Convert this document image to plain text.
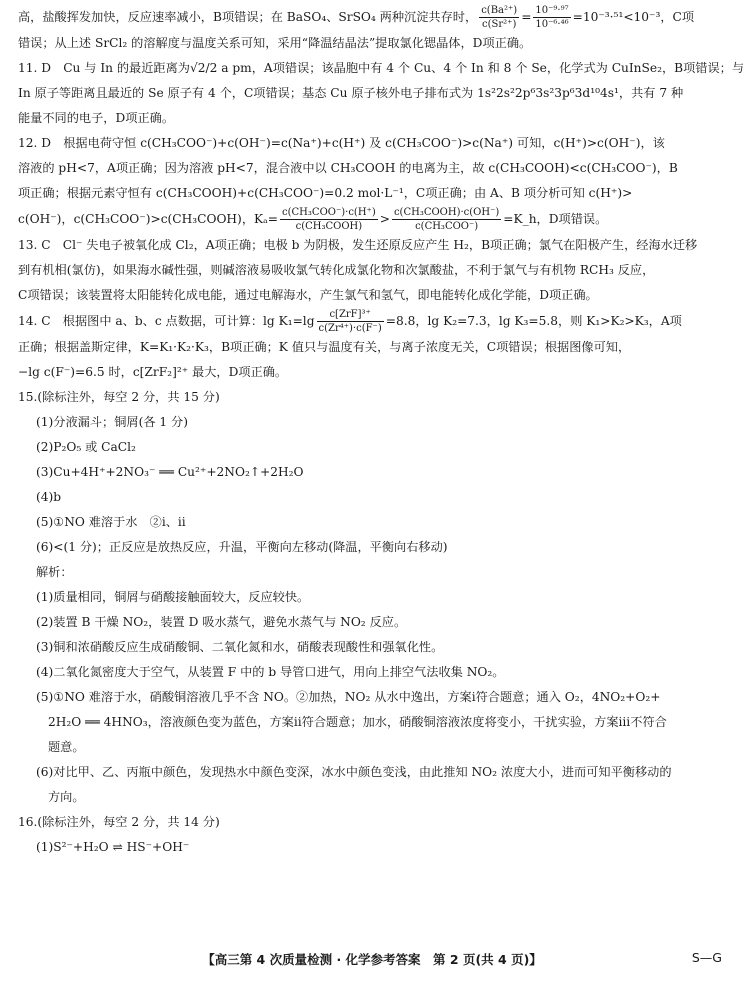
高，盐酸挥发加快，反应速率减小，B项错误；在 BaSO₄、SrSO₄ 两种沉淀共存时， $\frac{\text{c(Ba²⁺)}}{\text{c(Sr²⁺)}} = \frac{\text{10⁻⁹·⁹⁷}}{\text{10⁻⁶·⁴⁶}} =10^{-3}\cdot^{51}<10^{-3}$，C项
错误；从上述 SrCl₂ 的溶解度与温度关系可知，采用“降温结晶法”提取氯化锶晶体，D项正确。
11. D　Cu 与 In 的最近距离为√2/2 a pm，A项错误；该晶胞中有 4 个 Cu、4 个 In 和 8 个 Se，化学式为 CuInSe₂，B项错误；与
In 原子等距离且最近的 Se 原子有 4 个，C项错误；基态 Cu 原子核外电子排布式为 1s²2s²2p⁶3s²3p⁶3d¹⁰4s¹，共有 7 种
能量不同的电子，D项正确。
12. D　根据电荷守恒 c(CH₃COO⁻)+c(OH⁻)=c(Na⁺)+c(H⁺) 及 c(CH₃COO⁻)>c(Na⁺) 可知，c(H⁺)>c(OH⁻)，该
溶液的 pH<7，A项正确；因为溶液 pH<7，混合液中以 CH₃COOH 的电离为主，故 c(CH₃COOH)<c(CH₃COO⁻)，B
项正确；根据元素守恒有 c(CH₃COOH)+c(CH₃COO⁻)=0.2 mol·L⁻¹，C项正确；由 A、B 项分析可知 c(H⁺)>
c(OH⁻)，c(CH₃COO⁻)>c(CH₃COOH)，$K_a= \frac{\text{c(CH₃COO⁻)·c(H⁺)}}{\text{c(CH₃COOH)}} > \frac{\text{c(CH₃COOH)·c(OH⁻)}}{\text{c(CH₃COO⁻)}}$ =K_h，D项错误。
13. C　Cl⁻ 失电子被氧化成 Cl₂，A项正确；电极 b 为阴极，发生还原反应产生 H₂，B项正确；氯气在阳极产生，经海水迁移
到有机相(氯仿)，如果海水碱性强，则碱溶液易吸收氯气转化成氯化物和次氯酸盐，不利于氯气与有机物 RCH₃ 反应，
C项错误；该装置将太阳能转化成电能，通过电解海水，产生氯气和氢气，即电能转化成化学能，D项正确。
14. C　根据图中 a、b、c 点数据，可计算：$\lg K_1=\lg \frac{\text{c[ZrF]³⁺}}{\text{c(Zr⁴⁺)·c(F⁻)}} =8.8$，lg K₂=7.3，lg K₃=5.8，则 K₁>K₂>K₃，A项
正确；根据盖斯定律，K=K₁·K₂·K₃，B项正确；K 值只与温度有关，与离子浓度无关，C项错误；根据图像可知，
−lg c(F⁻)=6.5 时，c[ZrF₂]²⁺ 最大，D项正确。
15.(除标注外，每空 2 分，共 15 分)
(1)分液漏斗；铜屑(各 1 分)
(2)P₂O₅ 或 CaCl₂
(3)Cu+4H⁺+2NO₃⁻ ══ Cu²⁺+2NO₂↑+2H₂O
(4)b
(5)①NO 难溶于水　②ⅰ、ⅱ
(6)<(1 分)；正反应是放热反应，升温，平衡向左移动(降温，平衡向右移动)
解析：
(1)质量相同，铜屑与硝酸接触面较大，反应较快。
(2)装置 B 干燥 NO₂，装置 D 吸水蒸气，避免水蒸气与 NO₂ 反应。
(3)铜和浓硝酸反应生成硝酸铜、二氧化氮和水，硝酸表现酸性和强氧化性。
(4)二氧化氮密度大于空气，从装置 F 中的 b 导管口进气，用向上排空气法收集 NO₂。
(5)①NO 难溶于水，硝酸铜溶液几乎不含 NO。②加热，NO₂ 从水中逸出，方案ⅰ符合题意；通入 O₂，4NO₂+O₂+
2H₂O ══ 4HNO₃，溶液颜色变为蓝色，方案ⅱ符合题意；加水，硝酸铜溶液浓度将变小，干扰实验，方案ⅲ不符合
题意。
(6)对比甲、乙、丙瓶中颜色，发现热水中颜色变深，冰水中颜色变浅，由此推知 NO₂ 浓度大小，进而可知平衡移动的
方向。
16.(除标注外，每空 2 分，共 14 分)
(1)S²⁻+H₂O ⇌ HS⁻+OH⁻
【高三第 4 次质量检测 · 化学参考答案　第 2 页(共 4 页)】	S—G
